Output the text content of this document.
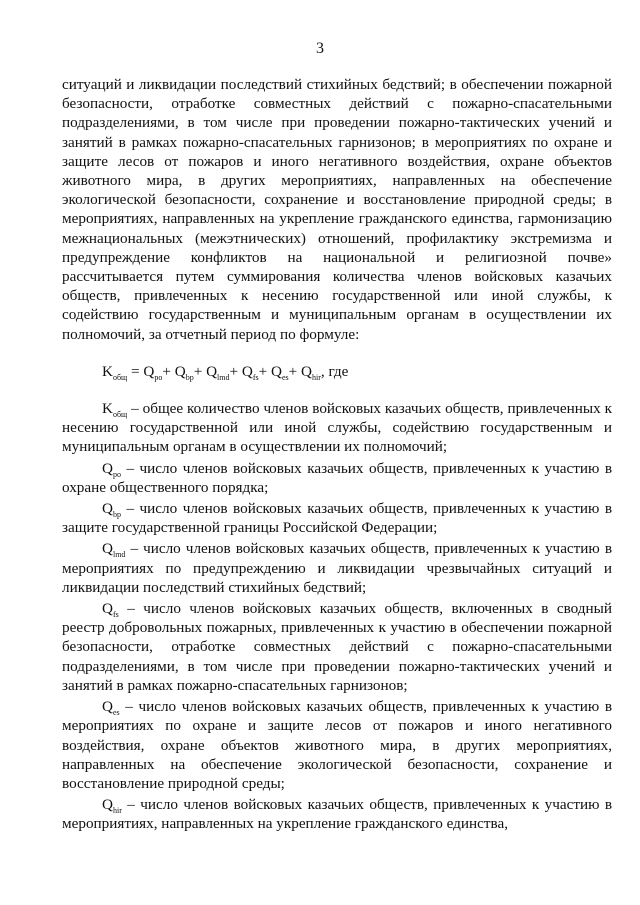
3

ситуаций и ликвидации последствий стихийных бедствий; в обеспечении пожарной безопасности, отработке совместных действий с пожарно-спасательными подразделениями, в том числе при проведении пожарно-тактических учений и занятий в рамках пожарно-спасательных гарнизонов; в мероприятиях по охране и защите лесов от пожаров и иного негативного воздействия, охране объектов животного мира, в других мероприятиях, направленных на обеспечение экологической безопасности, сохранение и восстановление природной среды; в мероприятиях, направленных на укрепление гражданского единства, гармонизацию межнациональных (межэтнических) отношений, профилактику экстремизма и предупреждение конфликтов на национальной и религиозной почве» рассчитывается путем суммирования количества членов войсковых казачьих обществ, привлеченных к несению государственной или иной службы, к содействию государственным и муниципальным органам в осуществлении их полномочий, за отчетный период по формуле:

$K_{общ} = Q_{ро}+ Q_{bp}+ Q_{lmd}+ Q_{fs}+ Q_{es}+ Q_{hir}$, где

$K_{общ}$ – общее количество членов войсковых казачьих обществ, привлеченных к несению государственной или иной службы, содействию государственным и муниципальным органам в осуществлении их полномочий;

$Q_{ро}$ – число членов войсковых казачьих обществ, привлеченных к участию в охране общественного порядка;

$Q_{bp}$ – число членов войсковых казачьих обществ, привлеченных к участию в защите государственной границы Российской Федерации;

$Q_{lmd}$ – число членов войсковых казачьих обществ, привлеченных к участию в мероприятиях по предупреждению и ликвидации чрезвычайных ситуаций и ликвидации последствий стихийных бедствий;

$Q_{fs}$ – число членов войсковых казачьих обществ, включенных в сводный реестр добровольных пожарных, привлеченных к участию в обеспечении пожарной безопасности, отработке совместных действий с пожарно-спасательными подразделениями, в том числе при проведении пожарно-тактических учений и занятий в рамках пожарно-спасательных гарнизонов;

$Q_{es}$ – число членов войсковых казачьих обществ, привлеченных к участию в мероприятиях по охране и защите лесов от пожаров и иного негативного воздействия, охране объектов животного мира, в других мероприятиях, направленных на обеспечение экологической безопасности, сохранение и восстановление природной среды;

$Q_{hir}$ – число членов войсковых казачьих обществ, привлеченных к участию в мероприятиях, направленных на укрепление гражданского единства,
